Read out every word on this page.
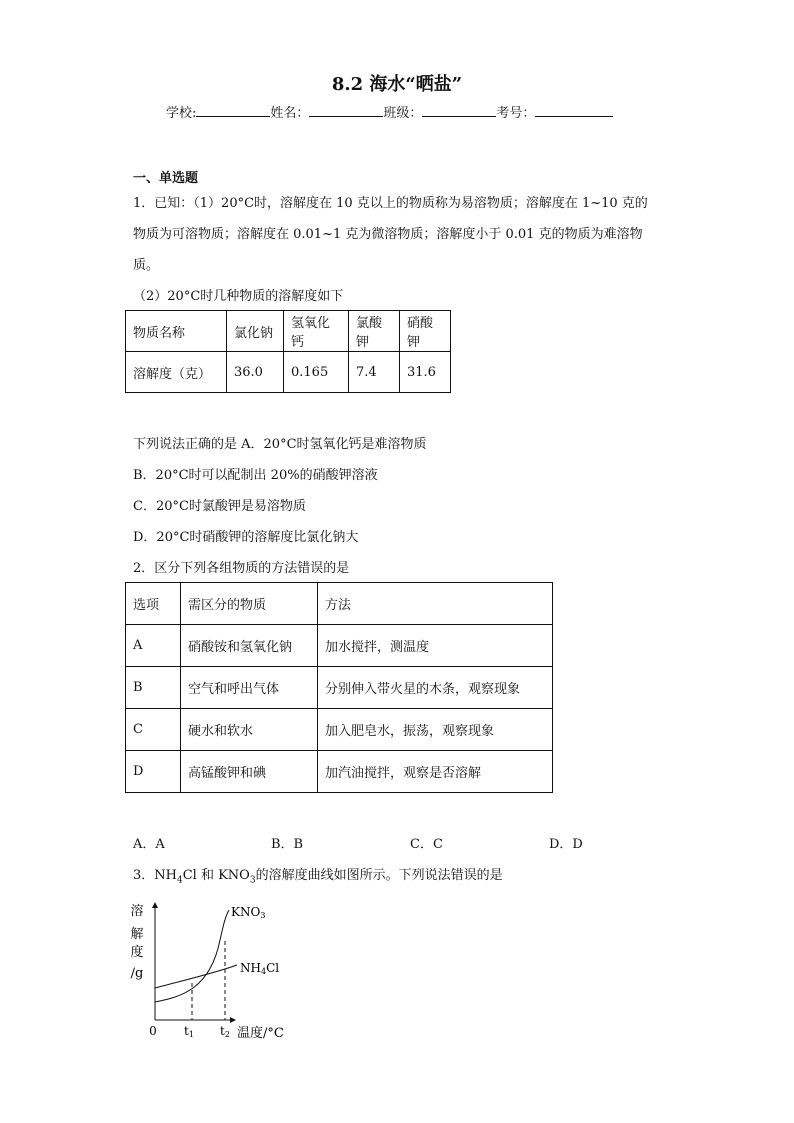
8.2 海水“晒盐”
学校:	姓名：	班级：	考号：
一、单选题
1．已知：（1）20°C时，溶解度在 10 克以上的物质称为易溶物质；溶解度在 1~10 克的
物质为可溶物质；溶解度在 0.01~1 克为微溶物质；溶解度小于 0.01 克的物质为难溶物
质。
（2）20°C时几种物质的溶解度如下
物质名称	氯化钠	氢氧化钙	氯酸钾	硝酸钾
溶解度（克）	36.0	0.165	7.4	31.6
下列说法正确的是 A．20°C时氢氧化钙是难溶物质
B．20°C时可以配制出 20%的硝酸钾溶液
C．20°C时氯酸钾是易溶物质
D．20°C时硝酸钾的溶解度比氯化钠大
2．区分下列各组物质的方法错误的是
选项	需区分的物质	方法
A	硝酸铵和氢氧化钠	加水搅拌，测温度
B	空气和呼出气体	分别伸入带火星的木条，观察现象
C	硬水和软水	加入肥皂水，振荡，观察现象
D	高锰酸钾和碘	加汽油搅拌，观察是否溶解
A．A	B．B	C．C	D．D
3．$NH_4Cl$ 和 $KNO_3$的溶解度曲线如图所示。下列说法错误的是
溶
解
度
/g
0 t1 t2 温度/°C
KNO3
NH4Cl
